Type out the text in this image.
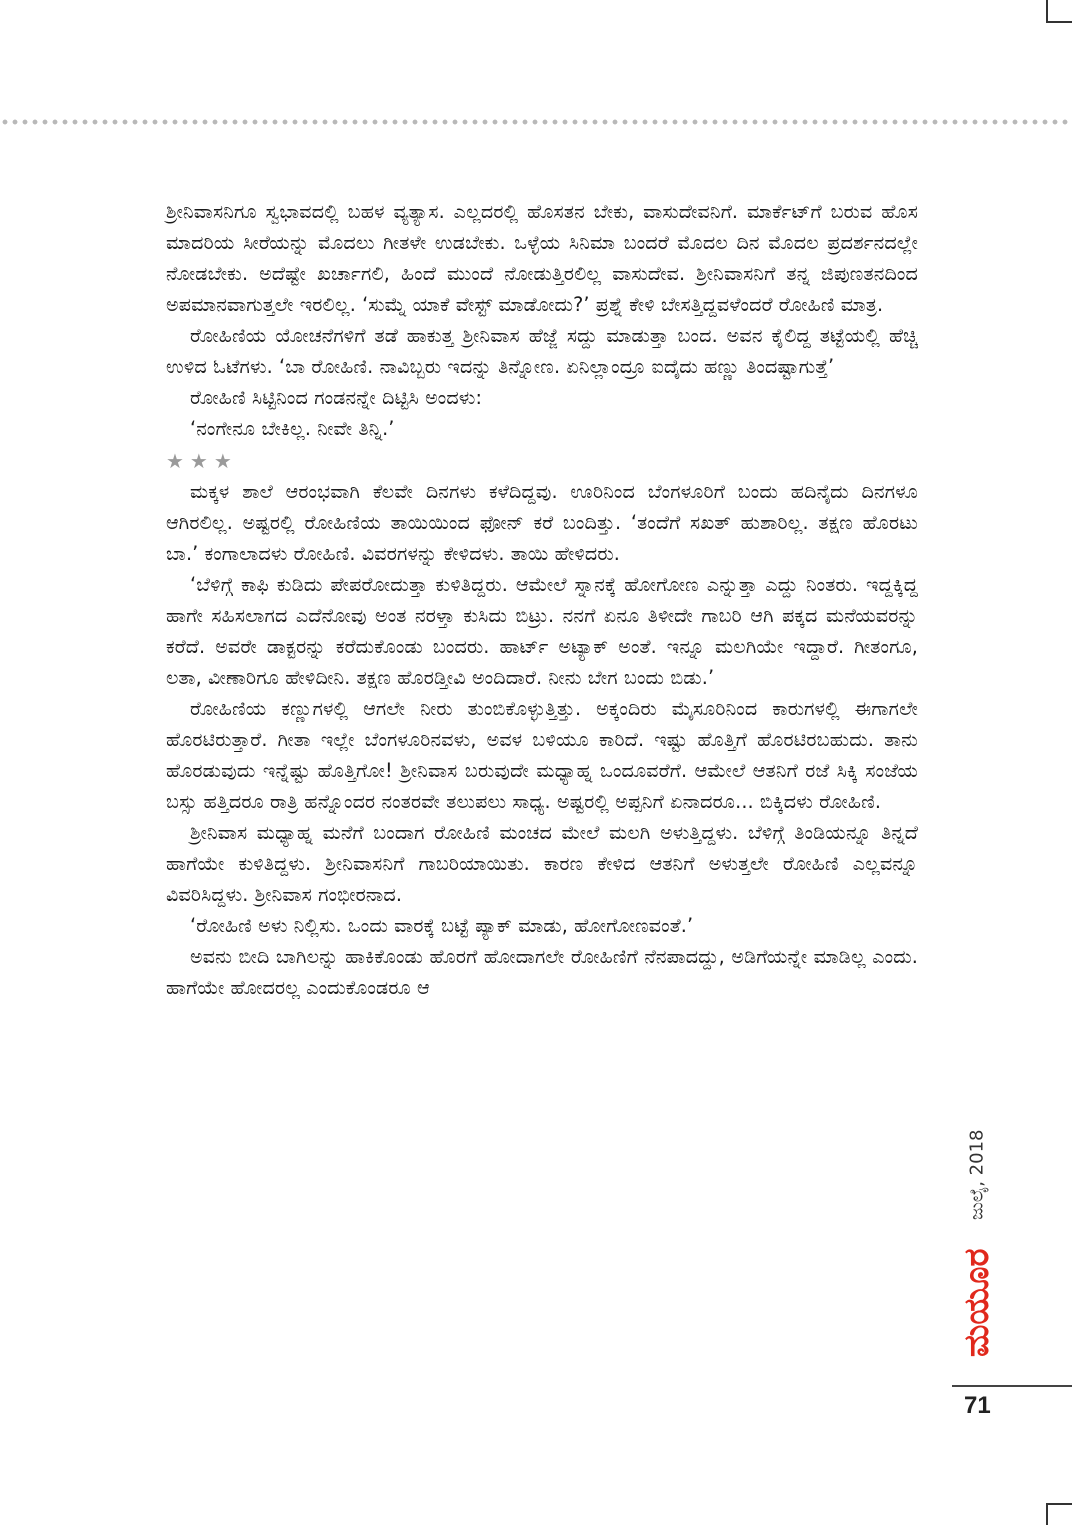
ಶ್ರೀನಿವಾಸನಿಗೂ ಸ್ವಭಾವದಲ್ಲಿ ಬಹಳ ವ್ಯತ್ಯಾಸ. ಎಲ್ಲದರಲ್ಲಿ ಹೊಸತನ ಬೇಕು, ವಾಸುದೇವನಿಗೆ. ಮಾರ್ಕೆಟ್‌ಗೆ ಬರುವ ಹೊಸ ಮಾದರಿಯ ಸೀರೆಯನ್ನು ಮೊದಲು ಗೀತಳೇ ಉಡಬೇಕು. ಒಳ್ಳೆಯ ಸಿನಿಮಾ ಬಂದರೆ ಮೊದಲ ದಿನ ಮೊದಲ ಪ್ರದರ್ಶನದಲ್ಲೇ ನೋಡಬೇಕು. ಅದೆಷ್ಟೇ ಖರ್ಚಾಗಲಿ, ಹಿಂದೆ ಮುಂದೆ ನೋಡುತ್ತಿರಲಿಲ್ಲ ವಾಸುದೇವ. ಶ್ರೀನಿವಾಸನಿಗೆ ತನ್ನ ಜಿಪುಣತನದಿಂದ ಅಪಮಾನವಾಗುತ್ತಲೇ ಇರಲಿಲ್ಲ. ‘ಸುಮ್ನೆ ಯಾಕೆ ವೇಸ್ಟ್ ಮಾಡೋದು?’ ಪ್ರಶ್ನೆ ಕೇಳಿ ಬೇಸತ್ತಿದ್ದವಳೆಂದರೆ ರೋಹಿಣಿ ಮಾತ್ರ.

ರೋಹಿಣಿಯ ಯೋಚನೆಗಳಿಗೆ ತಡೆ ಹಾಕುತ್ತ ಶ್ರೀನಿವಾಸ ಹೆಜ್ಜೆ ಸದ್ದು ಮಾಡುತ್ತಾ ಬಂದ. ಅವನ ಕೈಲಿದ್ದ ತಟ್ಟೆಯಲ್ಲಿ ಹೆಚ್ಚಿ ಉಳಿದ ಓಟೆಗಳು. ‘ಬಾ ರೋಹಿಣಿ. ನಾವಿಬ್ಬರು ಇದನ್ನು ತಿನ್ನೋಣ. ಏನಿಲ್ಲಾಂದ್ರೂ ಐದೈದು ಹಣ್ಣು ತಿಂದಷ್ಟಾಗುತ್ತೆ’

ರೋಹಿಣಿ ಸಿಟ್ಟಿನಿಂದ ಗಂಡನನ್ನೇ ದಿಟ್ಟಿಸಿ ಅಂದಳು:

‘ನಂಗೇನೂ ಬೇಕಿಲ್ಲ. ನೀವೇ ತಿನ್ನಿ.’

★★★

ಮಕ್ಕಳ ಶಾಲೆ ಆರಂಭವಾಗಿ ಕೆಲವೇ ದಿನಗಳು ಕಳೆದಿದ್ದವು. ಊರಿನಿಂದ ಬೆಂಗಳೂರಿಗೆ ಬಂದು ಹದಿನೈದು ದಿನಗಳೂ ಆಗಿರಲಿಲ್ಲ. ಅಷ್ಟರಲ್ಲಿ ರೋಹಿಣಿಯ ತಾಯಿಯಿಂದ ಫೋನ್ ಕರೆ ಬಂದಿತ್ತು. ‘ತಂದೆಗೆ ಸಖತ್ ಹುಶಾರಿಲ್ಲ. ತಕ್ಷಣ ಹೊರಟು ಬಾ.’ ಕಂಗಾಲಾದಳು ರೋಹಿಣಿ. ವಿವರಗಳನ್ನು ಕೇಳಿದಳು. ತಾಯಿ ಹೇಳಿದರು.

‘ಬೆಳಿಗ್ಗೆ ಕಾಫಿ ಕುಡಿದು ಪೇಪರೋದುತ್ತಾ ಕುಳಿತಿದ್ದರು. ಆಮೇಲೆ ಸ್ನಾನಕ್ಕೆ ಹೋಗೋಣ ಎನ್ನುತ್ತಾ ಎದ್ದು ನಿಂತರು. ಇದ್ದಕ್ಕಿದ್ದ ಹಾಗೇ ಸಹಿಸಲಾಗದ ಎದೆನೋವು ಅಂತ ನರಳ್ತಾ ಕುಸಿದು ಬಿಟ್ರು. ನನಗೆ ಏನೂ ತಿಳೀದೇ ಗಾಬರಿ ಆಗಿ ಪಕ್ಕದ ಮನೆಯವರನ್ನು ಕರೆದೆ. ಅವರೇ ಡಾಕ್ಟರನ್ನು ಕರೆದುಕೊಂಡು ಬಂದರು. ಹಾರ್ಟ್ ಅಟ್ಯಾಕ್ ಅಂತೆ. ಇನ್ನೂ ಮಲಗಿಯೇ ಇದ್ದಾರೆ. ಗೀತಂಗೂ, ಲತಾ, ವೀಣಾರಿಗೂ ಹೇಳಿದೀನಿ. ತಕ್ಷಣ ಹೊರಡ್ತೀವಿ ಅಂದಿದಾರೆ. ನೀನು ಬೇಗ ಬಂದು ಬಿಡು.’

ರೋಹಿಣಿಯ ಕಣ್ಣುಗಳಲ್ಲಿ ಆಗಲೇ ನೀರು ತುಂಬಿಕೊಳ್ಳುತ್ತಿತ್ತು. ಅಕ್ಕಂದಿರು ಮೈಸೂರಿನಿಂದ ಕಾರುಗಳಲ್ಲಿ ಈಗಾಗಲೇ ಹೊರಟಿರುತ್ತಾರೆ. ಗೀತಾ ಇಲ್ಲೇ ಬೆಂಗಳೂರಿನವಳು, ಅವಳ ಬಳಿಯೂ ಕಾರಿದೆ. ಇಷ್ಟು ಹೊತ್ತಿಗೆ ಹೊರಟಿರಬಹುದು. ತಾನು ಹೊರಡುವುದು ಇನ್ನೆಷ್ಟು ಹೊತ್ತಿಗೋ! ಶ್ರೀನಿವಾಸ ಬರುವುದೇ ಮಧ್ಯಾಹ್ನ ಒಂದೂವರೆಗೆ. ಆಮೇಲೆ ಆತನಿಗೆ ರಜೆ ಸಿಕ್ಕಿ ಸಂಜೆಯ ಬಸ್ಸು ಹತ್ತಿದರೂ ರಾತ್ರಿ ಹನ್ನೊಂದರ ನಂತರವೇ ತಲುಪಲು ಸಾಧ್ಯ. ಅಷ್ಟರಲ್ಲಿ ಅಪ್ಪನಿಗೆ ಏನಾದರೂ... ಬಿಕ್ಕಿದಳು ರೋಹಿಣಿ.

ಶ್ರೀನಿವಾಸ ಮಧ್ಯಾಹ್ನ ಮನೆಗೆ ಬಂದಾಗ ರೋಹಿಣಿ ಮಂಚದ ಮೇಲೆ ಮಲಗಿ ಅಳುತ್ತಿದ್ದಳು. ಬೆಳಿಗ್ಗೆ ತಿಂಡಿಯನ್ನೂ ತಿನ್ನದೆ ಹಾಗೆಯೇ ಕುಳಿತಿದ್ದಳು. ಶ್ರೀನಿವಾಸನಿಗೆ ಗಾಬರಿಯಾಯಿತು. ಕಾರಣ ಕೇಳಿದ ಆತನಿಗೆ ಅಳುತ್ತಲೇ ರೋಹಿಣಿ ಎಲ್ಲವನ್ನೂ ವಿವರಿಸಿದ್ದಳು. ಶ್ರೀನಿವಾಸ ಗಂಭೀರನಾದ.

‘ರೋಹಿಣಿ ಅಳು ನಿಲ್ಲಿಸು. ಒಂದು ವಾರಕ್ಕೆ ಬಟ್ಟೆ ಪ್ಯಾಕ್ ಮಾಡು, ಹೋಗೋಣವಂತೆ.’

ಅವನು ಬೀದಿ ಬಾಗಿಲನ್ನು ಹಾಕಿಕೊಂಡು ಹೊರಗೆ ಹೋದಾಗಲೇ ರೋಹಿಣಿಗೆ ನೆನಪಾದದ್ದು, ಅಡಿಗೆಯನ್ನೇ ಮಾಡಿಲ್ಲ ಎಂದು. ಹಾಗೆಯೇ ಹೋದರಲ್ಲ ಎಂದುಕೊಂಡರೂ ಆ

ಜುಲೈ, 2018
ಮಯೂರ
71
